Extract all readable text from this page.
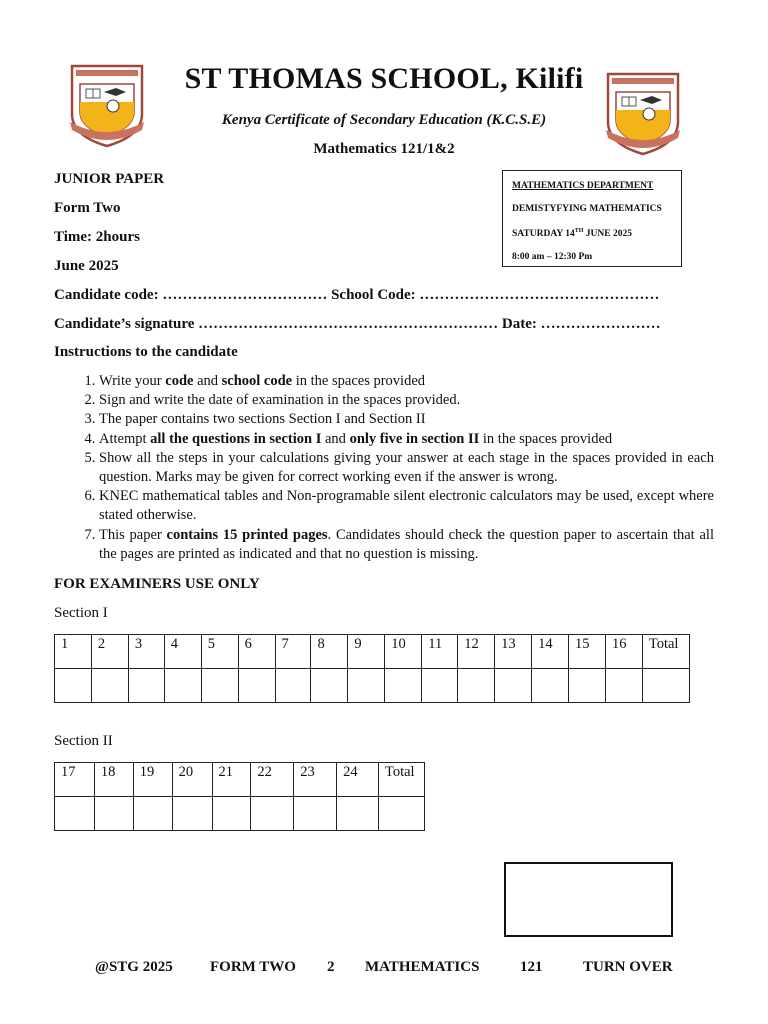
ST THOMAS SCHOOL, Kilifi
Kenya Certificate of Secondary Education (K.C.S.E)
Mathematics 121/1&2
JUNIOR PAPER
Form Two
Time: 2hours
June 2025
MATHEMATICS DEPARTMENT
DEMISTYFYING MATHEMATICS
SATURDAY 14TH JUNE 2025
8:00 am – 12:30 Pm
Candidate code: …………………………… School Code: …………………………………………
Candidate’s signature …………………………………………………… Date: ……………………
Instructions to the candidate
1. Write your code and school code in the spaces provided
2. Sign and write the date of examination in the spaces provided.
3. The paper contains two sections Section I and Section II
4. Attempt all the questions in section I and only five in section II in the spaces provided
5. Show all the steps in your calculations giving your answer at each stage in the spaces provided in each question. Marks may be given for correct working even if the answer is wrong.
6. KNEC mathematical tables and Non-programable silent electronic calculators may be used, except where stated otherwise.
7. This paper contains 15 printed pages. Candidates should check the question paper to ascertain that all the pages are printed as indicated and that no question is missing.
FOR EXAMINERS USE ONLY
Section I
1	2	3	4	5	6	7	8	9	10	11	12	13	14	15	16	Total

Section II
17	18	19	20	21	22	23	24	Total

@STG 2025 FORM TWO 2 MATHEMATICS	121	TURN OVER
